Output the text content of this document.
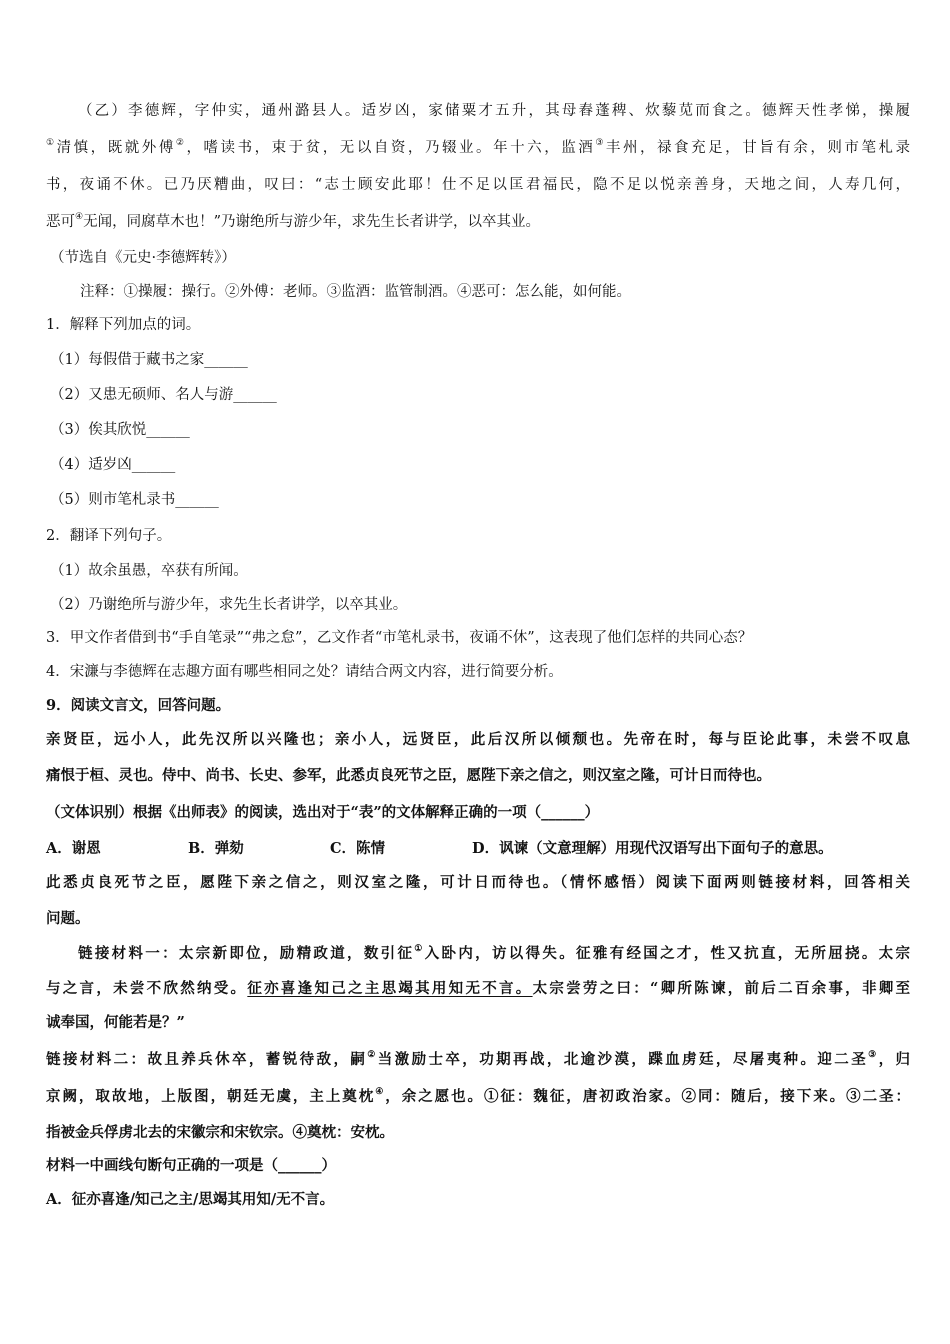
（乙）李德辉，字仲实，通州潞县人。适岁凶，家储粟才五升，其母舂蓬稗、炊藜苋而食之。德辉天性孝悌，操履
①清慎，既就外傅②，嗜读书，束于贫，无以自资，乃辍业。年十六，监酒③丰州，禄食充足，甘旨有余，则市笔札录
书，夜诵不休。已乃厌糟曲，叹曰：“志士顾安此耶！仕不足以匡君福民，隐不足以悦亲善身，天地之间，人寿几何，
恶可④无闻，同腐草木也！”乃谢绝所与游少年，求先生长者讲学，以卒其业。
（节选自《元史·李德辉转》）
注释：①操履：操行。②外傅：老师。③监酒：监管制酒。④恶可：怎么能，如何能。
1．解释下列加点的词。
（1）每假借于藏书之家______
（2）又患无硕师、名人与游______
（3）俟其欣悦______
（4）适岁凶______
（5）则市笔札录书______
2．翻译下列句子。
（1）故余虽愚，卒获有所闻。
（2）乃谢绝所与游少年，求先生长者讲学，以卒其业。
3．甲文作者借到书“手自笔录”“弗之怠”，乙文作者“市笔札录书，夜诵不休”，这表现了他们怎样的共同心态？
4．宋濂与李德辉在志趣方面有哪些相同之处？请结合两文内容，进行简要分析。
9．阅读文言文，回答问题。
亲贤臣，远小人，此先汉所以兴隆也；亲小人，远贤臣，此后汉所以倾颓也。先帝在时，每与臣论此事，未尝不叹息
痛恨于桓、灵也。侍中、尚书、长史、参军，此悉贞良死节之臣，愿陛下亲之信之，则汉室之隆，可计日而待也。
（文体识别）根据《出师表》的阅读，选出对于“表”的文体解释正确的一项（______）
A．谢恩	B．弹劾	C．陈情	D．讽谏（文意理解）用现代汉语写出下面句子的意思。
此悉贞良死节之臣，愿陛下亲之信之，则汉室之隆，可计日而待也。（情怀感悟）阅读下面两则链接材料，回答相关
问题。
链接材料一：太宗新即位，励精政道，数引征①入卧内，访以得失。征雅有经国之才，性又抗直，无所屈挠。太宗
与之言，未尝不欣然纳受。征亦喜逢知己之主思竭其用知无不言。太宗尝劳之曰：“卿所陈谏，前后二百余事，非卿至
诚奉国，何能若是？”
链接材料二：故且养兵休卒，蓄锐待敌，嗣②当激励士卒，功期再战，北逾沙漠，蹀血虏廷，尽屠夷种。迎二圣③，归
京阙，取故地，上版图，朝廷无虞，主上奠枕④，余之愿也。①征：魏征，唐初政治家。②同：随后，接下来。③二圣：
指被金兵俘虏北去的宋徽宗和宋钦宗。④奠枕：安枕。
材料一中画线句断句正确的一项是（______）
A．征亦喜逢/知己之主/思竭其用知/无不言。
